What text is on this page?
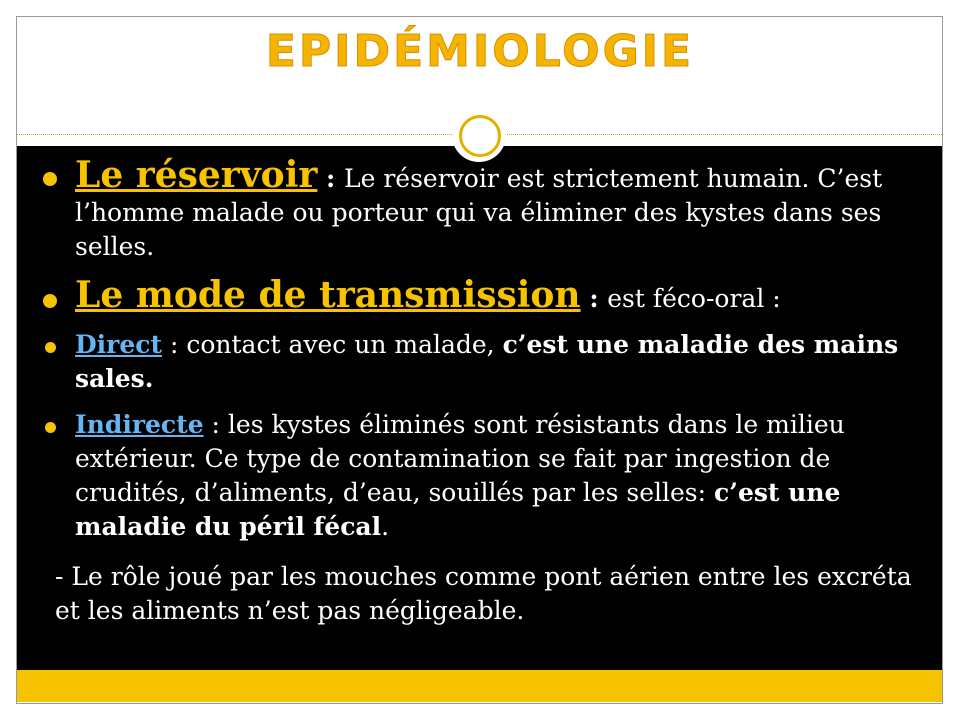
EPIDÉMIOLOGIE
Le réservoir : Le réservoir est strictement humain. C’est l’homme malade ou porteur qui va éliminer des kystes dans ses selles.
Le mode de transmission : est féco-oral :
Direct : contact avec un malade, c’est une maladie des mains sales.
Indirecte : les kystes éliminés sont résistants dans le milieu extérieur. Ce type de contamination se fait par ingestion de crudités, d’aliments, d’eau, souillés par les selles: c’est une maladie du péril fécal.
- Le rôle joué par les mouches comme pont aérien entre les excréta et les aliments n’est pas négligeable.
